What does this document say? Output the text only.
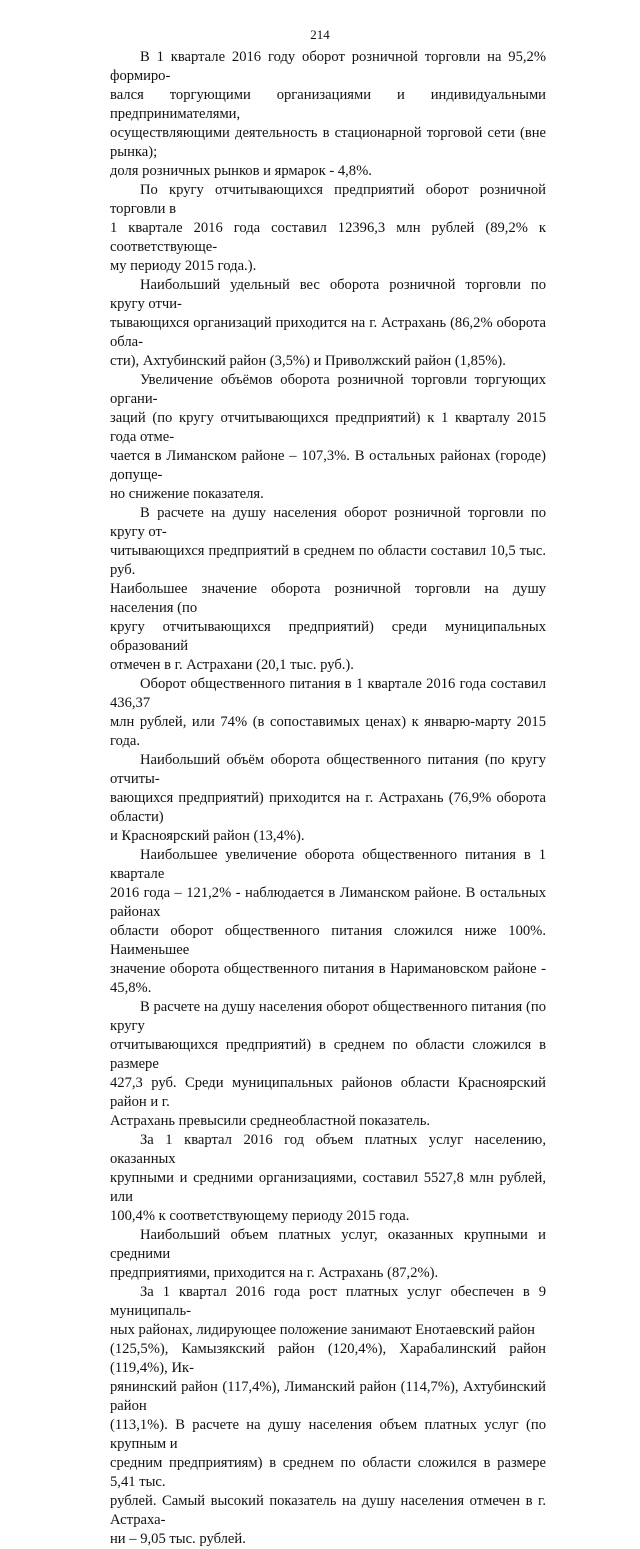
214

В 1 квартале 2016 году оборот розничной торговли на 95,2% формиро-
вался торгующими организациями и индивидуальными предпринимателями,
осуществляющими деятельность в стационарной торговой сети (вне рынка);
доля розничных рынков и ярмарок - 4,8%.

По кругу отчитывающихся предприятий оборот розничной торговли в
1 квартале 2016 года составил 12396,3 млн рублей (89,2% к соответствующе-
му периоду 2015 года.).

Наибольший удельный вес оборота розничной торговли по кругу отчи-
тывающихся организаций приходится на г. Астрахань (86,2% оборота обла-
сти), Ахтубинский район (3,5%) и Приволжский район (1,85%).

Увеличение объёмов оборота розничной торговли торгующих органи-
заций (по кругу отчитывающихся предприятий) к 1 кварталу 2015 года отме-
чается в Лиманском районе – 107,3%. В остальных районах (городе) допуще-
но снижение показателя.

В расчете на душу населения оборот розничной торговли по кругу от-
читывающихся предприятий в среднем по области составил 10,5 тыс. руб.
Наибольшее значение оборота розничной торговли на душу населения (по
кругу отчитывающихся предприятий) среди муниципальных образований
отмечен в г. Астрахани (20,1 тыс. руб.).

Оборот общественного питания в 1 квартале 2016 года составил 436,37
млн рублей, или 74% (в сопоставимых ценах) к январю-марту 2015 года.

Наибольший объём оборота общественного питания (по кругу отчиты-
вающихся предприятий) приходится на г. Астрахань (76,9% оборота области)
и Красноярский район (13,4%).

Наибольшее увеличение оборота общественного питания в 1 квартале
2016 года – 121,2% - наблюдается в Лиманском районе. В остальных районах
области оборот общественного питания сложился ниже 100%. Наименьшее
значение оборота общественного питания в Наримановском районе - 45,8%.

В расчете на душу населения оборот общественного питания (по кругу
отчитывающихся предприятий) в среднем по области сложился в размере
427,3 руб. Среди муниципальных районов области Красноярский район и г.
Астрахань превысили среднеобластной показатель.

За 1 квартал 2016 год объем платных услуг населению, оказанных
крупными и средними организациями, составил 5527,8 млн рублей, или
100,4% к соответствующему периоду 2015 года.

Наибольший объем платных услуг, оказанных крупными и средними
предприятиями, приходится на г. Астрахань (87,2%).

За 1 квартал 2016 года рост платных услуг обеспечен в 9 муниципаль-
ных районах, лидирующее положение занимают Енотаевский район
(125,5%), Камызякский район (120,4%), Харабалинский район (119,4%), Ик-
рянинский район (117,4%), Лиманский район (114,7%), Ахтубинский район
(113,1%). В расчете на душу населения объем платных услуг (по крупным и
средним предприятиям) в среднем по области сложился в размере 5,41 тыс.
рублей. Самый высокий показатель на душу населения отмечен в г. Астраха-
ни – 9,05 тыс. рублей.
